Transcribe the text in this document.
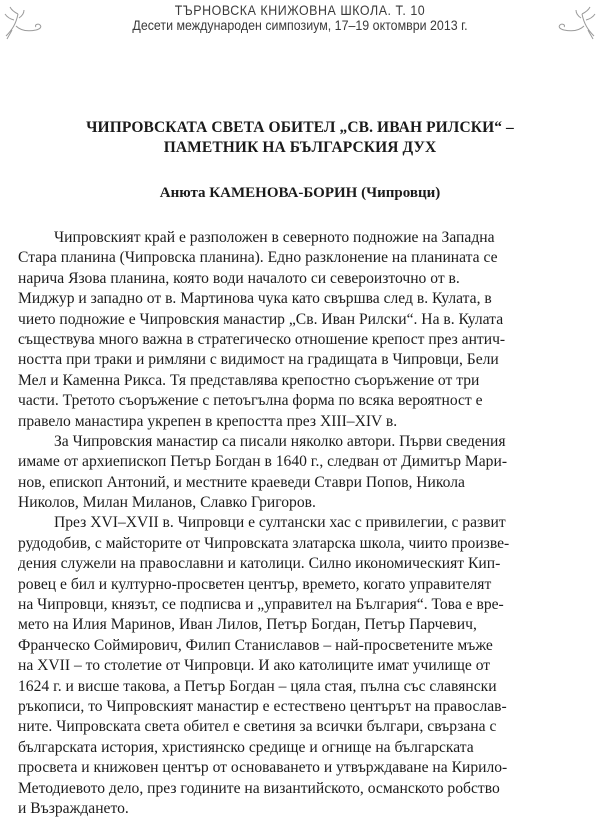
ТЪРНОВСКА КНИЖОВНА ШКОЛА. Т. 10
Десети международен симпозиум, 17–19 октомври 2013 г.
ЧИПРОВСКАТА СВЕТА ОБИТЕЛ „СВ. ИВАН РИЛСКИ“ –
ПАМЕТНИК НА БЪЛГАРСКИЯ ДУХ
Анюта КАМЕНОВА-БОРИН (Чипровци)
Чипровският край е разположен в северното подножие на Западна
Стара планина (Чипровска планина). Едно разклонение на планината се
нарича Язова планина, която води началото си североизточно от в.
Миджур и западно от в. Мартинова чука като свършва след в. Кулата, в
чието подножие е Чипровския манастир „Св. Иван Рилски“. На в. Кулата
съществува много важна в стратегическо отношение крепост през антич-
ността при траки и римляни с видимост на градищата в Чипровци, Бели
Мел и Каменна Рикса. Тя представлява крепостно съоръжение от три
части. Третото съоръжение с петоъгълна форма по всяка вероятност е
правело манастира укрепен в крепостта през XIII–XIV в.
За Чипровския манастир са писали няколко автори. Първи сведения
имаме от архиепископ Петър Богдан в 1640 г., следван от Димитър Мари-
нов, епископ Антоний, и местните краеведи Ставри Попов, Никола
Николов, Милан Миланов, Славко Григоров.
През XVI–XVII в. Чипровци е султански хас с привилегии, с развит
рудодобив, с майсторите от Чипровската златарска школа, чиито произве-
дения служели на православни и католици. Силно икономическият Кип-
ровец е бил и културно-просветен център, времето, когато управителят
на Чипровци, князът, се подписва и „управител на България“. Това е вре-
мето на Илия Маринов, Иван Лилов, Петър Богдан, Петър Парчевич,
Франческо Соймирович, Филип Станиславов – най-просветените мъже
на XVII – то столетие от Чипровци. И ако католиците имат училище от
1624 г. и висше такова, а Петър Богдан – цяла стая, пълна със славянски
ръкописи, то Чипровският манастир е естествено центърът на православ-
ните. Чипровската света обител е светиня за всички българи, свързана с
българската история, християнско средище и огнище на българската
просвета и книжовен център от основаването и утвърждаване на Кирило-
Методиевото дело, през годините на византийското, османското робство
и Възраждането.
